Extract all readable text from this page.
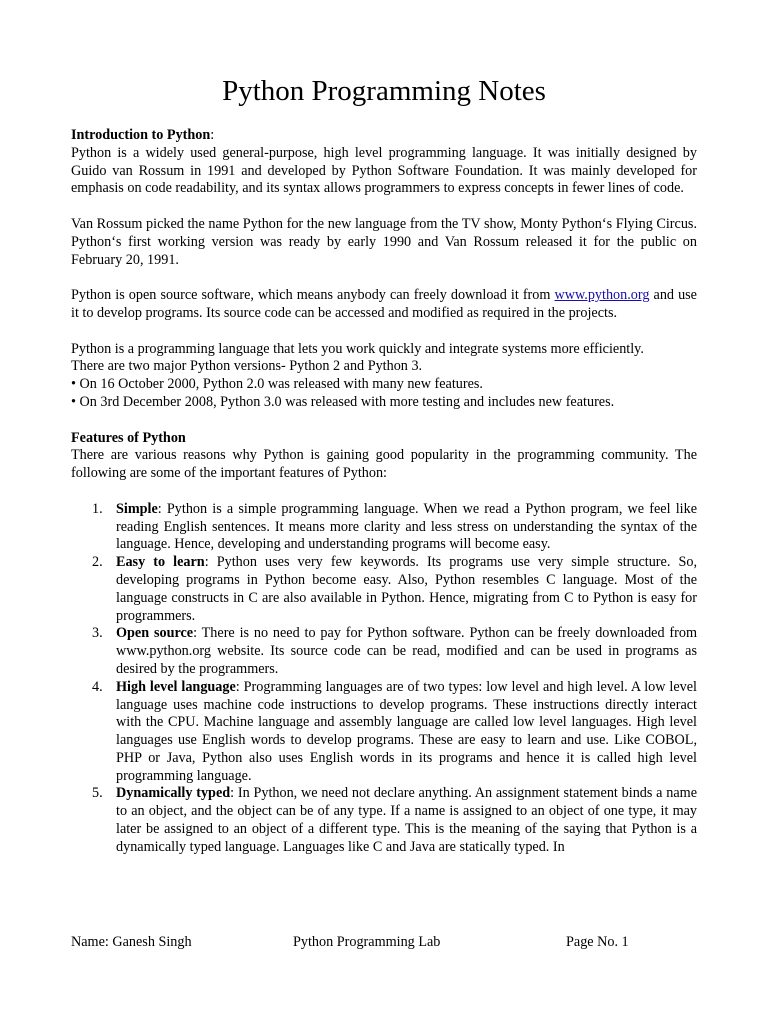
Python Programming Notes

Introduction to Python:

Python is a widely used general-purpose, high level programming language. It was initially designed by Guido van Rossum in 1991 and developed by Python Software Foundation. It was mainly developed for emphasis on code readability, and its syntax allows programmers to express concepts in fewer lines of code.

Van Rossum picked the name Python for the new language from the TV show, Monty Python‘s Flying Circus. Python‘s first working version was ready by early 1990 and Van Rossum released it for the public on February 20, 1991.

Python is open source software, which means anybody can freely download it from www.python.org and use it to develop programs. Its source code can be accessed and modified as required in the projects.

Python is a programming language that lets you work quickly and integrate systems more efficiently.

There are two major Python versions- Python 2 and Python 3.

• On 16 October 2000, Python 2.0 was released with many new features.

• On 3rd December 2008, Python 3.0 was released with more testing and includes new features.

Features of Python

There are various reasons why Python is gaining good popularity in the programming community. The following are some of the important features of Python:

1. Simple: Python is a simple programming language. When we read a Python program, we feel like reading English sentences. It means more clarity and less stress on understanding the syntax of the language. Hence, developing and understanding programs will become easy.
2. Easy to learn: Python uses very few keywords. Its programs use very simple structure. So, developing programs in Python become easy. Also, Python resembles C language. Most of the language constructs in C are also available in Python. Hence, migrating from C to Python is easy for programmers.
3. Open source: There is no need to pay for Python software. Python can be freely downloaded from www.python.org website. Its source code can be read, modified and can be used in programs as desired by the programmers.
4. High level language: Programming languages are of two types: low level and high level. A low level language uses machine code instructions to develop programs. These instructions directly interact with the CPU. Machine language and assembly language are called low level languages. High level languages use English words to develop programs. These are easy to learn and use. Like COBOL, PHP or Java, Python also uses English words in its programs and hence it is called high level programming language.
5. Dynamically typed: In Python, we need not declare anything. An assignment statement binds a name to an object, and the object can be of any type. If a name is assigned to an object of one type, it may later be assigned to an object of a different type. This is the meaning of the saying that Python is a dynamically typed language. Languages like C and Java are statically typed. In
Name: Ganesh Singh	Python Programming Lab	Page No. 1
